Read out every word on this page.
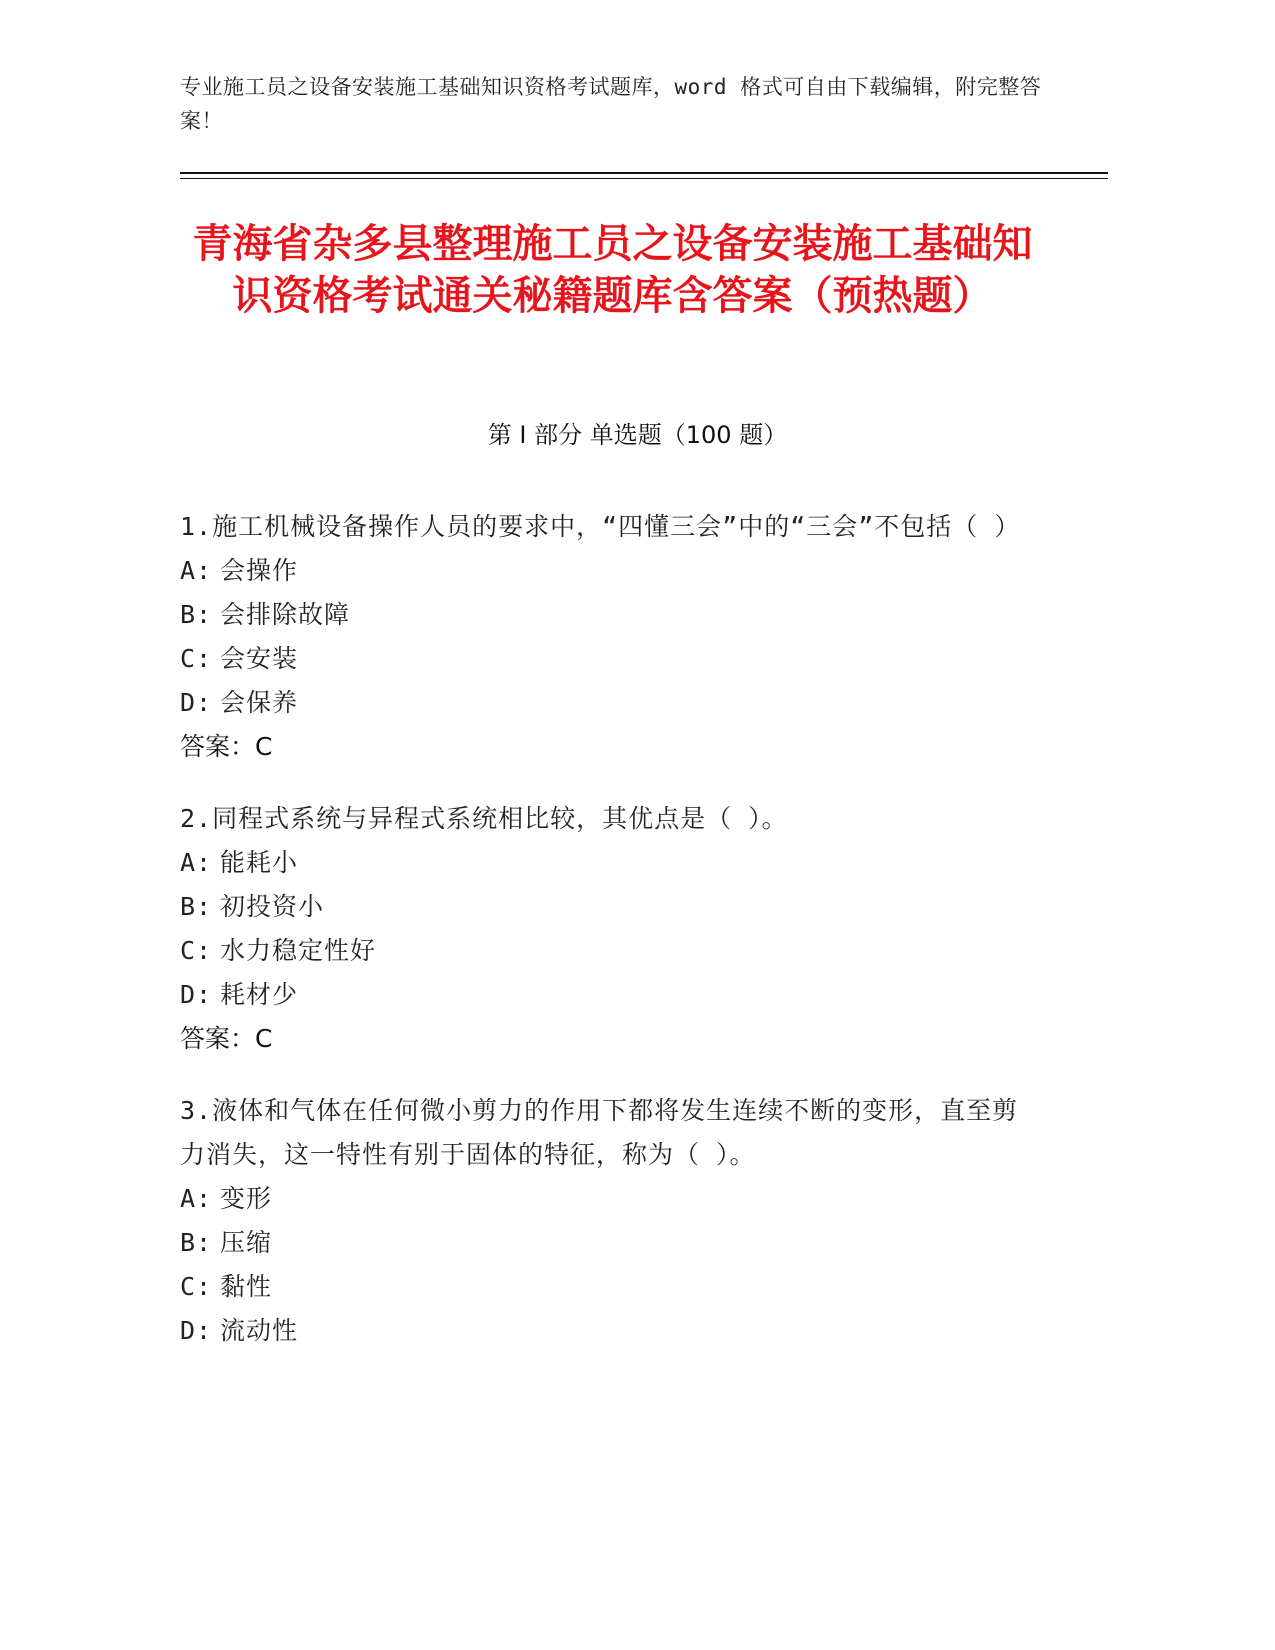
专业施工员之设备安装施工基础知识资格考试题库，word 格式可自由下载编辑，附完整答案！
青海省杂多县整理施工员之设备安装施工基础知识资格考试通关秘籍题库含答案（预热题）
第 I 部分 单选题（100 题）
1.施工机械设备操作人员的要求中，“四懂三会”中的“三会”不包括（ ）
A: 会操作
B: 会排除故障
C: 会安装
D: 会保养
答案：C
2.同程式系统与异程式系统相比较，其优点是（ ）。
A: 能耗小
B: 初投资小
C: 水力稳定性好
D: 耗材少
答案：C
3.液体和气体在任何微小剪力的作用下都将发生连续不断的变形，直至剪力消失，这一特性有别于固体的特征，称为（ ）。
A: 变形
B: 压缩
C: 黏性
D: 流动性
